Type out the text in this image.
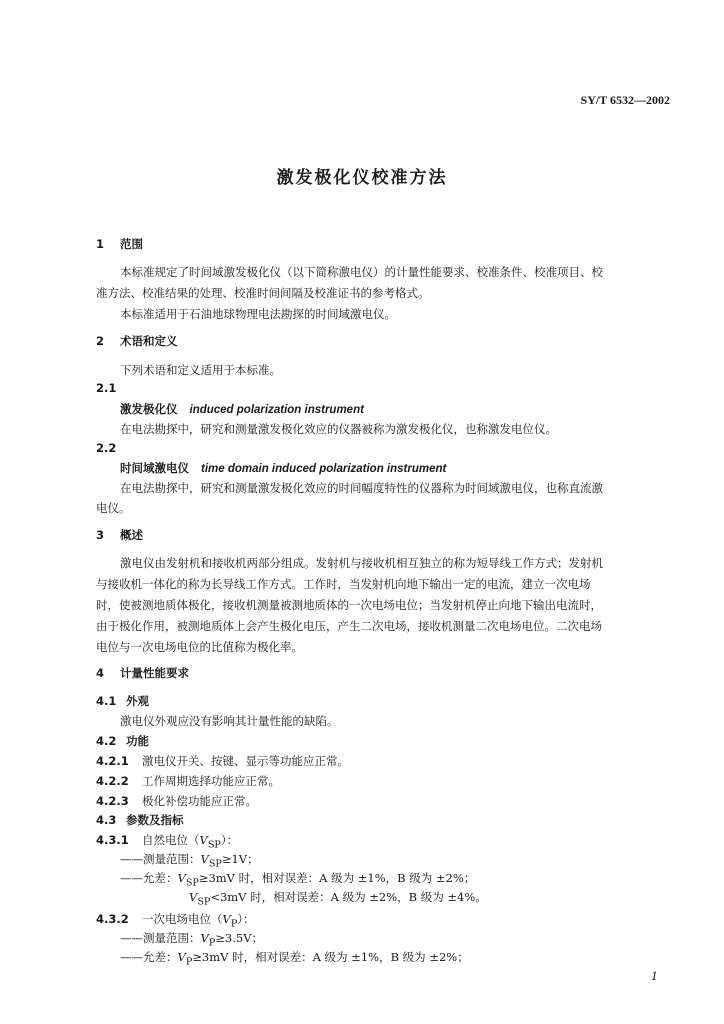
SY/T 6532—2002
激发极化仪校准方法
1 范围
本标准规定了时间域激发极化仪（以下简称激电仪）的计量性能要求、校准条件、校准项目、校
准方法、校准结果的处理、校准时间间隔及校准证书的参考格式。
本标准适用于石油地球物理电法勘探的时间域激电仪。
2 术语和定义
下列术语和定义适用于本标准。
2.1
激发极化仪 induced polarization instrument
在电法勘探中，研究和测量激发极化效应的仪器被称为激发极化仪，也称激发电位仪。
2.2
时间域激电仪 time domain induced polarization instrument
在电法勘探中，研究和测量激发极化效应的时间幅度特性的仪器称为时间域激电仪，也称直流激
电仪。
3 概述
激电仪由发射机和接收机两部分组成。发射机与接收机相互独立的称为短导线工作方式；发射机
与接收机一体化的称为长导线工作方式。工作时，当发射机向地下输出一定的电流，建立一次电场
时，使被测地质体极化，接收机测量被测地质体的一次电场电位；当发射机停止向地下输出电流时，
由于极化作用，被测地质体上会产生极化电压，产生二次电场，接收机测量二次电场电位。二次电场
电位与一次电场电位的比值称为极化率。
4 计量性能要求
4.1 外观
激电仪外观应没有影响其计量性能的缺陷。
4.2 功能
4.2.1 激电仪开关、按键、显示等功能应正常。
4.2.2 工作周期选择功能应正常。
4.2.3 极化补偿功能应正常。
4.3 参数及指标
4.3.1 自然电位$(V_{SP})$：
——测量范围：$V_{SP}\ge 1V$；
——允差：$V_{SP}\ge 3mV$ 时，相对误差：A 级为 ±1%，B 级为 ±2%；
$V_{SP}<3mV$ 时，相对误差：A 级为 ±2%，B 级为 ±4%。
4.3.2 一次电场电位$(V_P)$：
——测量范围：$V_P\ge 3.5V$；
——允差：$V_P\ge 3mV$ 时，相对误差：A 级为 ±1%，B 级为 ±2%；
1
